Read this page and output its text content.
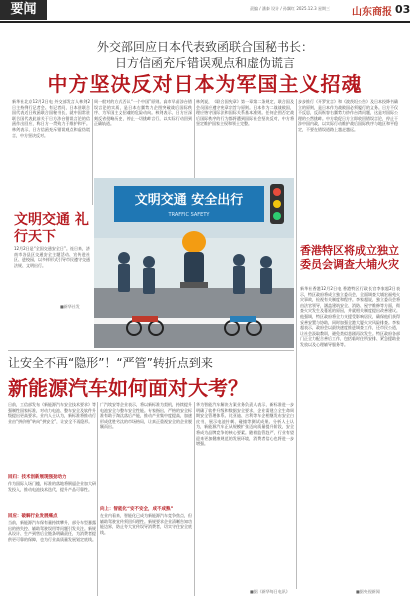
要闻	责编 / 潘泰 设计 / 孙飘红 2025.12.3 星期三	山东商报 03
外交部回应日本代表致函联合国秘书长：
日方信函充斥错误观点和虚伪谎言
中方坚决反对日本为军国主义招魂
新华社北京12月2日电 外交部发言人林剑2日主持例行记者会。有记者问，日本驻联合国代表近日致函联合国秘书长，就中国常驻联合国代表此前关于日方涉台错误言论的信函作出回应，称日方一贯致力于维护和平。林剑表示，日方信函充斥错误观点和虚伪谎言，中方坚决反对。
周一般对的方式否认“一个中国”原则。高市早苗涉台错误言论的实质，是日本右翼势力企图突破战后国际秩序、为军国主义招魂的危险动向。林剑表示，日方应深刻反省侵略历史，停止一切挑衅言行，以实际行动回到正确轨道。
林剑说，《联合国宪章》第一章第二条规定，联合国及会员国应遵守宪章宗旨与原则。日本作为二战战败国，理应恪守国际法和国际关系基本准则。任何企图否定战后国际秩序的行为都将遭到国际社会坚决反对，中方将坚定维护国家主权和领土完整。
步步推行《开罗宣言》和《波茨坦公告》及日本投降书确立的原则，是日本作为战败国必须履行的义务。日方不仅不反思，反而纵容右翼势力炒作台湾问题，这是对国际公理的公然挑衅。中方敦促日方立即收回错误言论，停止干涉中国内政，以实际行动维护战后国际秩序与地区和平稳定，不要在错误道路上越走越远。
文明交通 安全出行
TRAFFIC SAFETY
文明交通 礼行天下
12月2日是“全国交通安全日”。连日来，济南市各县区交通安全主题活动、宣传进社区、进校园，以多样形式引导市民遵守交通法规、文明出行。
■新华社发
香港特区将成立独立委员会调查大埔火灾
新华社香港12月2日电 香港特区行政长官李家超2日表示，特区政府将成立独立委员会，全面调查大埔宏福苑火灾事故，检视有关制度和程序。李家超说，独立委员会将由法官领导，涵盖建筑安全、消防、屋宇维修等方面，彻查火灾发生及蔓延的原因，并就相关制度提出改善建议。他强调，特区政府将全力支援受影响居民，确保他们获得妥善安置与协助，同时加强全港大厦火灾风险排查。李家超表示，政府会以最快速度推进调查工作，还市民公道，让社会汲取教训，避免类似悲剧再次发生。特区政府各部门正全力配合善后工作，包括临时住所安排、紧急援助金发放以及心理辅导服务等。
■据央视新闻
让安全不再“隐形”！“严管”转折点到来
新能源汽车如何面对大考？
日前，工信部发布《新能源汽车安全技术要求》等强制性国家标准，对动力电池、整车安全及软件升级提出更高要求。业内人士认为，新标准将推动行业由“拼价格”转向“拼安全”，让安全不再隐形。
回归：技术创新展现强劲动力
作为国际入场门槛，标准的落地将倒逼企业加大研发投入，推动电池技术迭代，提升产品可靠性。
回应：破解行业发展痛点
当前，新能源汽车保有量持续攀升，部分车型暴露出的热失控、辅助驾驶误用等问题引发关注。新规从设计、生产到售后全链条明确责任，为消费者提供更可靠的保障，也为行业高质量发展划定底线。
广汽埃安等企业表示，将以新标准为契机，持续提升电池安全与整车安全性能。专家指出，严格的安全标准有助于淘汰落后产能，推动产业集中度提高，加速形成优胜劣汰的市场格局，让真正重视安全的企业脱颖而出。
向上：智能化“安不安全，成不成熟”
在业内看来，智能化已成为新能源汽车竞争焦点，但辅助驾驶宣传须回归理性。新规要求企业清晰告知功能边界，防止夸大宣传误导消费者，切实守住安全底线。
华为智能汽车解决方案业务负责人表示，新标准进一步明确了软件升级和数据安全要求，企业需建立全生命周期安全管理体系。比亚迪、吉利等车企相继发布安全白皮书，展示电池针刺、碰撞等测试成果。分析人士认为，新能源汽车正从规模扩张迈向质量提升阶段，安全将成为品牌竞争的核心要素。随着监管趋严，行业有望迎来更加健康规范的发展环境，消费者信心也将进一步增强。
■据《新华每日电讯》
